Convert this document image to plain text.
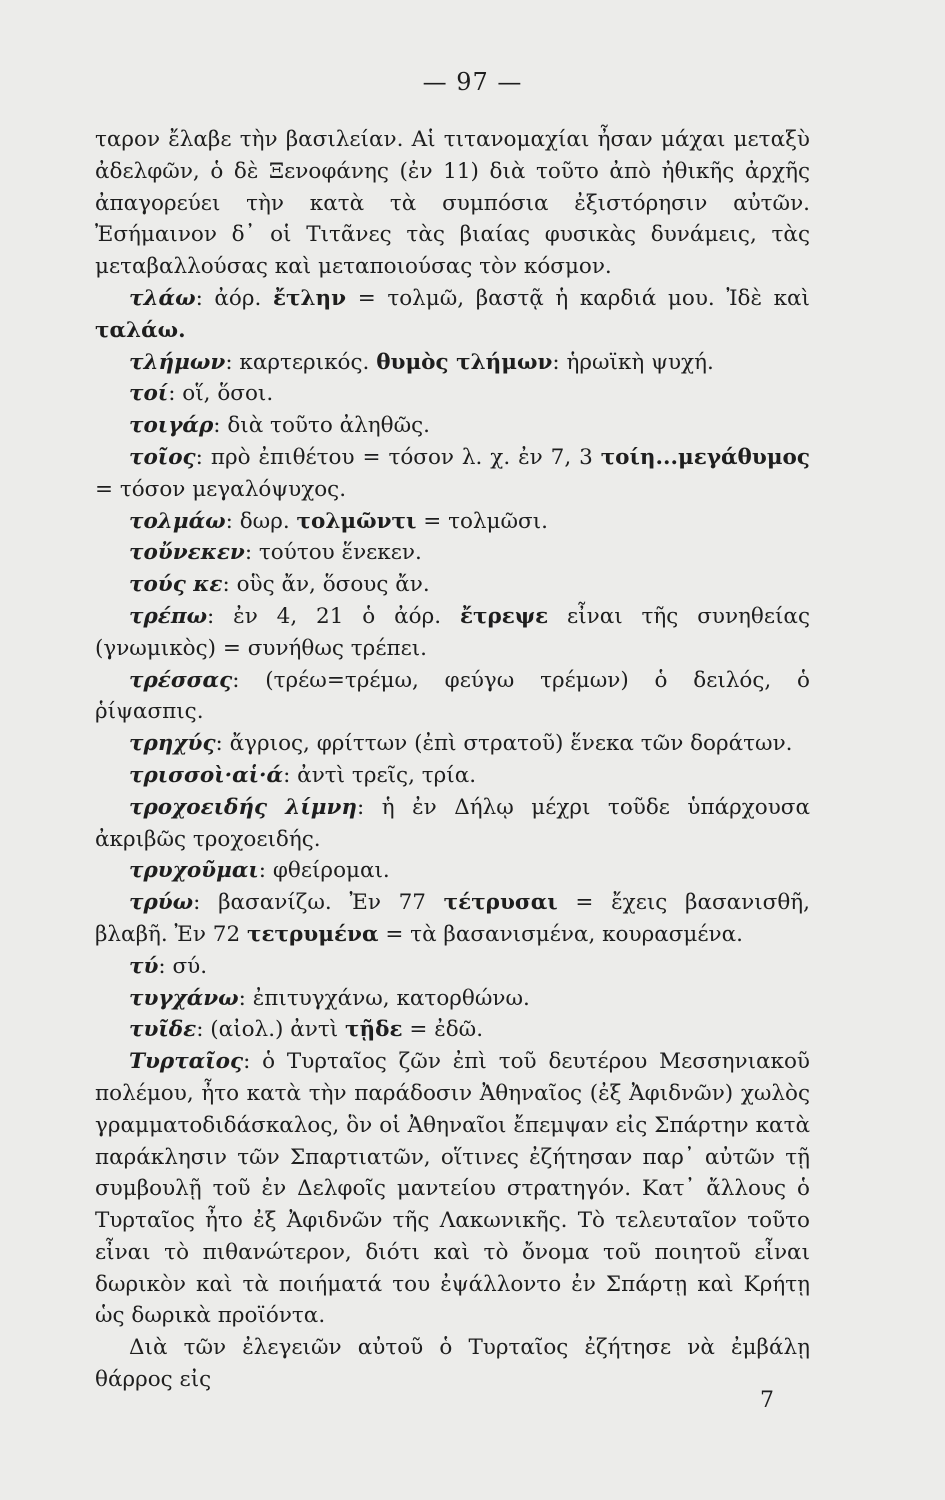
— 97 —

ταρον ἔλαβε τὴν βασιλείαν. Αἱ τιτανομαχίαι ἦσαν μάχαι μεταξὺ ἀδελφῶν, ὁ δὲ Ξενοφάνης (ἐν 11) διὰ τοῦτο ἀπὸ ἠθικῆς ἀρχῆς ἀπαγορεύει τὴν κατὰ τὰ συμπόσια ἐξιστόρησιν αὐτῶν. Ἐσήμαινον δ᾽ οἱ Τιτᾶνες τὰς βιαίας φυσικὰς δυνάμεις, τὰς μεταβαλλούσας καὶ μεταποιούσας τὸν κόσμον.

τλάω: ἀόρ. ἔτλην = τολμῶ, βαστᾷ ἡ καρδιά μου. Ἰδὲ καὶ ταλάω.

τλήμων: καρτερικός. θυμὸς τλήμων: ἡρωϊκὴ ψυχή.

τοί: οἵ, ὅσοι.

τοιγάρ: διὰ τοῦτο ἀληθῶς.

τοῖος: πρὸ ἐπιθέτου = τόσον λ. χ. ἐν 7, 3 τοίη...μεγάθυμος = τόσον μεγαλόψυχος.

τολμάω: δωρ. τολμῶντι = τολμῶσι.

τοὔνεκεν: τούτου ἕνεκεν.

τούς κε: οὓς ἄν, ὅσους ἄν.

τρέπω: ἐν 4, 21 ὁ ἀόρ. ἔτρεψε εἶναι τῆς συνηθείας (γνωμικὸς) = συνήθως τρέπει.

τρέσσας: (τρέω=τρέμω, φεύγω τρέμων) ὁ δειλός, ὁ ῥίψασπις.

τρηχύς: ἄγριος, φρίττων (ἐπὶ στρατοῦ) ἕνεκα τῶν δοράτων.

τρισσοὶ·αἱ·ά: ἀντὶ τρεῖς, τρία.

τροχοειδής λίμνη: ἡ ἐν Δήλῳ μέχρι τοῦδε ὑπάρχουσα ἀκριβῶς τροχοειδής.

τρυχοῦμαι: φθείρομαι.

τρύω: βασανίζω. Ἐν 77 τέτρυσαι = ἔχεις βασανισθῆ, βλαβῆ. Ἐν 72 τετρυμένα = τὰ βασανισμένα, κουρασμένα.

τύ: σύ.

τυγχάνω: ἐπιτυγχάνω, κατορθώνω.

τυῖδε: (αἰολ.) ἀντὶ τῇδε = ἐδῶ.

Τυρταῖος: ὁ Τυρταῖος ζῶν ἐπὶ τοῦ δευτέρου Μεσσηνιακοῦ πολέμου, ἦτο κατὰ τὴν παράδοσιν Ἀθηναῖος (ἐξ Ἀφιδνῶν) χωλὸς γραμματοδιδάσκαλος, ὃν οἱ Ἀθηναῖοι ἔπεμψαν εἰς Σπάρτην κατὰ παράκλησιν τῶν Σπαρτιατῶν, οἵτινες ἐζήτησαν παρ᾽ αὐτῶν τῇ συμβουλῇ τοῦ ἐν Δελφοῖς μαντείου στρατηγόν. Κατ᾽ ἄλλους ὁ Τυρταῖος ἦτο ἐξ Ἀφιδνῶν τῆς Λακωνικῆς. Τὸ τελευταῖον τοῦτο εἶναι τὸ πιθανώτερον, διότι καὶ τὸ ὄνομα τοῦ ποιητοῦ εἶναι δωρικὸν καὶ τὰ ποιήματά του ἐψάλλοντο ἐν Σπάρτῃ καὶ Κρήτῃ ὡς δωρικὰ προϊόντα.

Διὰ τῶν ἐλεγειῶν αὐτοῦ ὁ Τυρταῖος ἐζήτησε νὰ ἐμβάλῃ θάρρος εἰς

7
